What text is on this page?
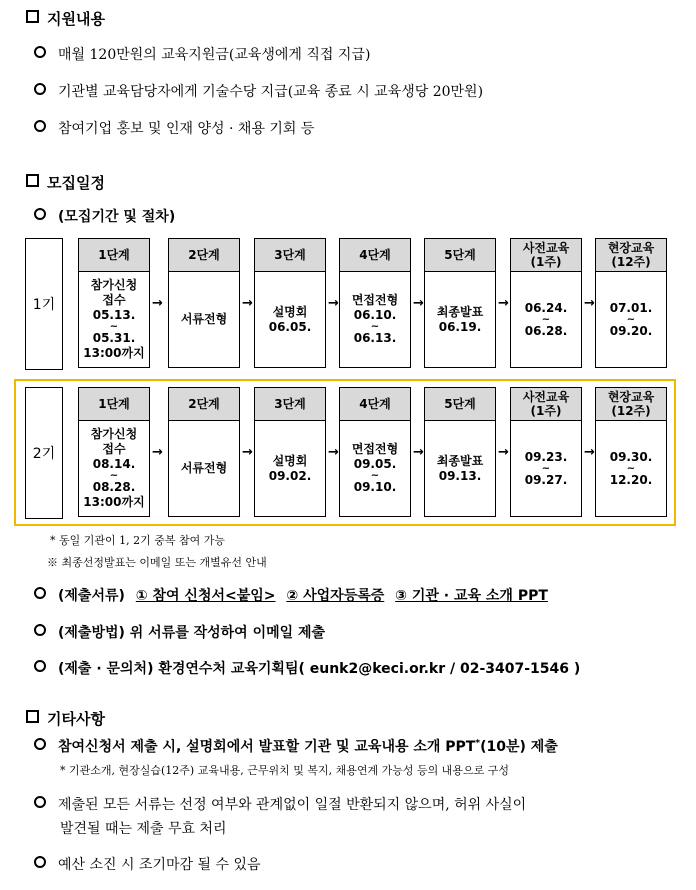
지원내용
매월 120만원의 교육지원금(교육생에게 직접 지급)
기관별 교육담당자에게 기술수당 지급(교육 종료 시 교육생당 20만원)
참여기업 홍보 및 인재 양성 · 채용 기회 등
모집일정
(모집기간 및 절차)
1기
1단계
참가신청
접수
05.13.
~
05.31.
13:00까지
→
2단계
서류전형
→
3단계
설명회
06.05.
→
4단계
면접전형
06.10.
~
06.13.
→
5단계
최종발표
06.19.
→
사전교육
(1주)
06.24.
~
06.28.
→
현장교육
(12주)
07.01.
~
09.20.
2기
1단계
참가신청
접수
08.14.
~
08.28.
13:00까지
→
2단계
서류전형
→
3단계
설명회
09.02.
→
4단계
면접전형
09.05.
~
09.10.
→
5단계
최종발표
09.13.
→
사전교육
(1주)
09.23.
~
09.27.
→
현장교육
(12주)
09.30.
~
12.20.
* 동일 기관이 1, 2기 중복 참여 가능
※ 최종선정발표는 이메일 또는 개별유선 안내
(제출서류) ① 참여 신청서<붙임> ② 사업자등록증 ③ 기관 · 교육 소개 PPT
(제출방법) 위 서류를 작성하여 이메일 제출
(제출 · 문의처) 환경연수처 교육기획팀( eunk2@keci.or.kr / 02-3407-1546 )
기타사항
참여신청서 제출 시, 설명회에서 발표할 기관 및 교육내용 소개 PPT*(10분) 제출
* 기관소개, 현장실습(12주) 교육내용, 근무위치 및 복지, 채용연계 가능성 등의 내용으로 구성
제출된 모든 서류는 선정 여부와 관계없이 일절 반환되지 않으며, 허위 사실이
발견될 때는 제출 무효 처리
예산 소진 시 조기마감 될 수 있음
